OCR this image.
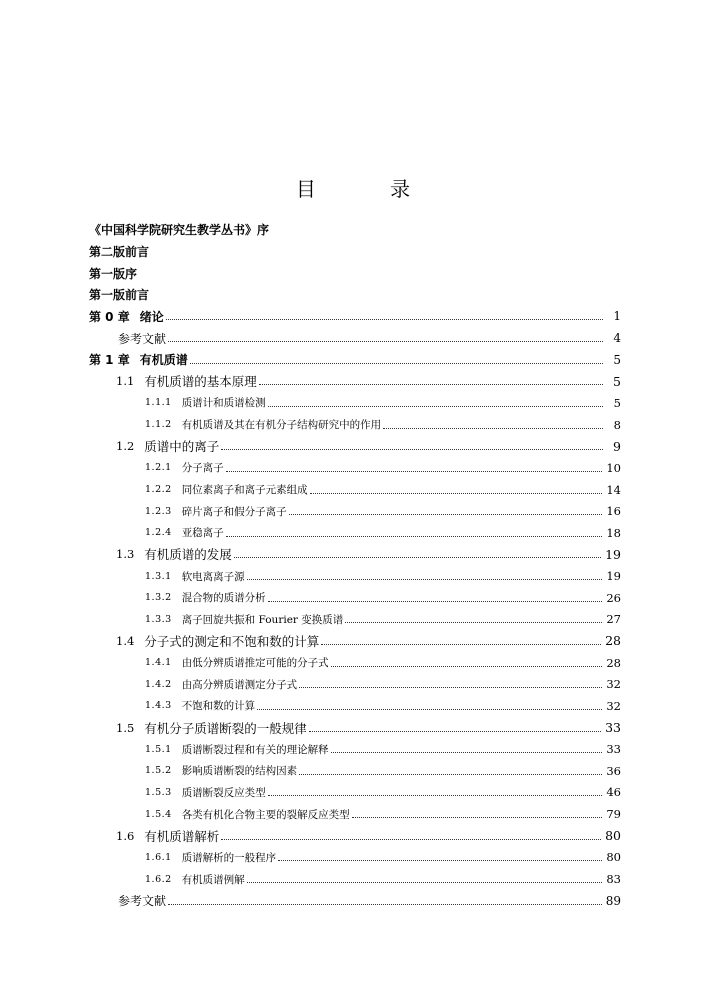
目 录
《中国科学院研究生教学丛书》序
第二版前言
第一版序
第一版前言
第 0 章 绪论	1
参考文献	4
第 1 章 有机质谱	5
1.1 有机质谱的基本原理	5
1.1.1 质谱计和质谱检测	5
1.1.2 有机质谱及其在有机分子结构研究中的作用	8
1.2 质谱中的离子	9
1.2.1 分子离子	10
1.2.2 同位素离子和离子元素组成	14
1.2.3 碎片离子和假分子离子	16
1.2.4 亚稳离子	18
1.3 有机质谱的发展	19
1.3.1 软电离离子源	19
1.3.2 混合物的质谱分析	26
1.3.3 离子回旋共振和 Fourier 变换质谱	27
1.4 分子式的测定和不饱和数的计算	28
1.4.1 由低分辨质谱推定可能的分子式	28
1.4.2 由高分辨质谱测定分子式	32
1.4.3 不饱和数的计算	32
1.5 有机分子质谱断裂的一般规律	33
1.5.1 质谱断裂过程和有关的理论解释	33
1.5.2 影响质谱断裂的结构因素	36
1.5.3 质谱断裂反应类型	46
1.5.4 各类有机化合物主要的裂解反应类型	79
1.6 有机质谱解析	80
1.6.1 质谱解析的一般程序	80
1.6.2 有机质谱例解	83
参考文献	89
